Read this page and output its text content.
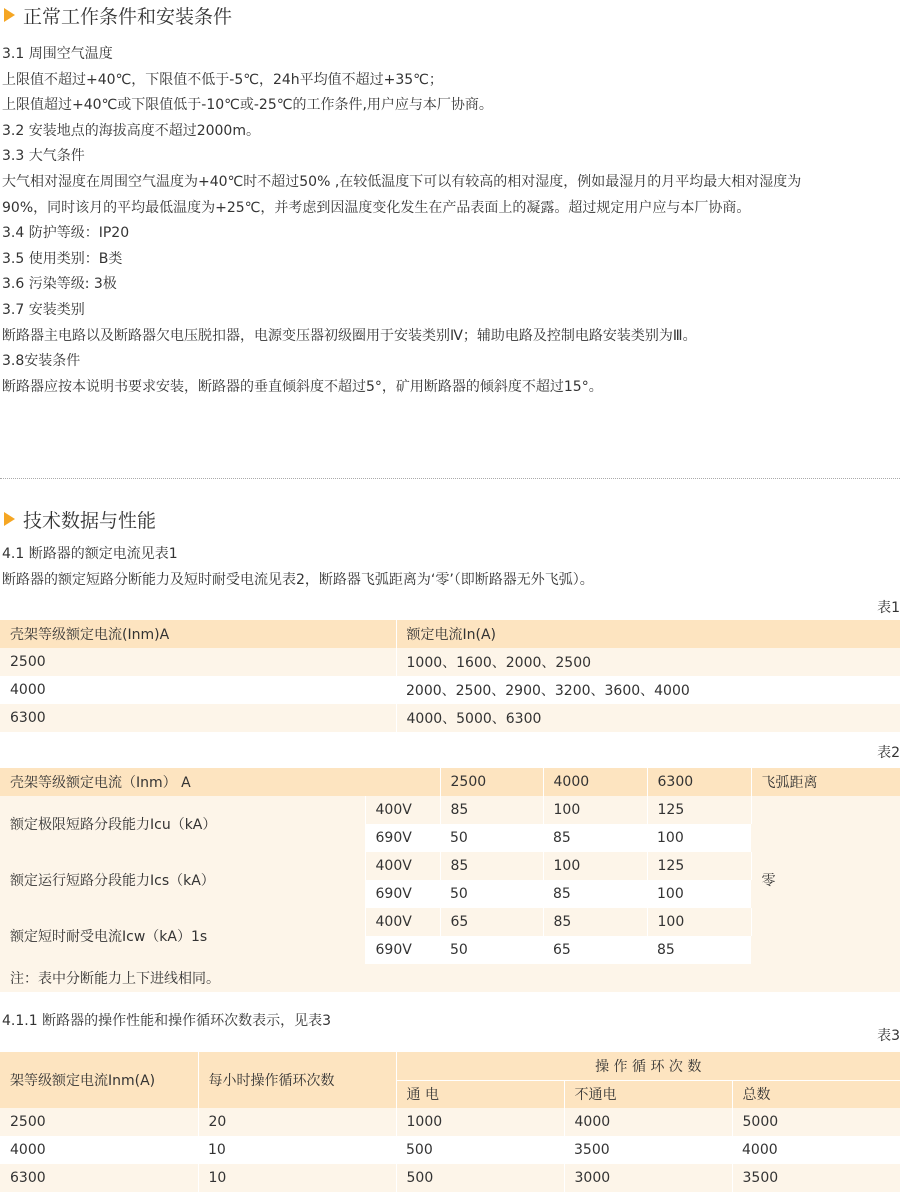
正常工作条件和安装条件
3.1 周围空气温度
上限值不超过+40℃，下限值不低于-5℃，24h平均值不超过+35℃；
上限值超过+40℃或下限值低于-10℃或-25℃的工作条件,用户应与本厂协商。
3.2 安装地点的海拔高度不超过2000m。
3.3 大气条件
大气相对湿度在周围空气温度为+40℃时不超过50% ,在较低温度下可以有较高的相对湿度，例如最湿月的月平均最大相对湿度为
90%，同时该月的平均最低温度为+25℃，并考虑到因温度变化发生在产品表面上的凝露。超过规定用户应与本厂协商。
3.4 防护等级：IP20
3.5 使用类别：B类
3.6 污染等级: 3极
3.7 安装类别
断路器主电路以及断路器欠电压脱扣器，电源变压器初级圈用于安装类别Ⅳ；辅助电路及控制电路安装类别为Ⅲ。
3.8安装条件
断路器应按本说明书要求安装，断路器的垂直倾斜度不超过5°，矿用断路器的倾斜度不超过15°。
技术数据与性能
4.1 断路器的额定电流见表1
断路器的额定短路分断能力及短时耐受电流见表2，断路器飞弧距离为‘零’（即断路器无外飞弧）。
表1
壳架等级额定电流(Inm)A	额定电流In(A)
2500	1000、1600、2000、2500
4000	2000、2500、2900、3200、3600、4000
6300	4000、5000、6300
表2
壳架等级额定电流（Inm） A		2500	4000	6300	飞弧距离
额定极限短路分段能力Icu（kA）	400V	85	100	125	零
	690V	50	85	100	
额定运行短路分段能力Ics（kA）	400V	85	100	125	
	690V	50	85	100	
额定短时耐受电流Icw（kA）1s	400V	65	85	100	
	690V	50	65	85	
注：表中分断能力上下进线相同。					
4.1.1 断路器的操作性能和操作循环次数表示，见表3
表3
架等级额定电流Inm(A)	每小时操作循环次数	操 作 循 环 次 数		
		通 电	不通电	总数
2500	20	1000	4000	5000
4000	10	500	3500	4000
6300	10	500	3000	3500
